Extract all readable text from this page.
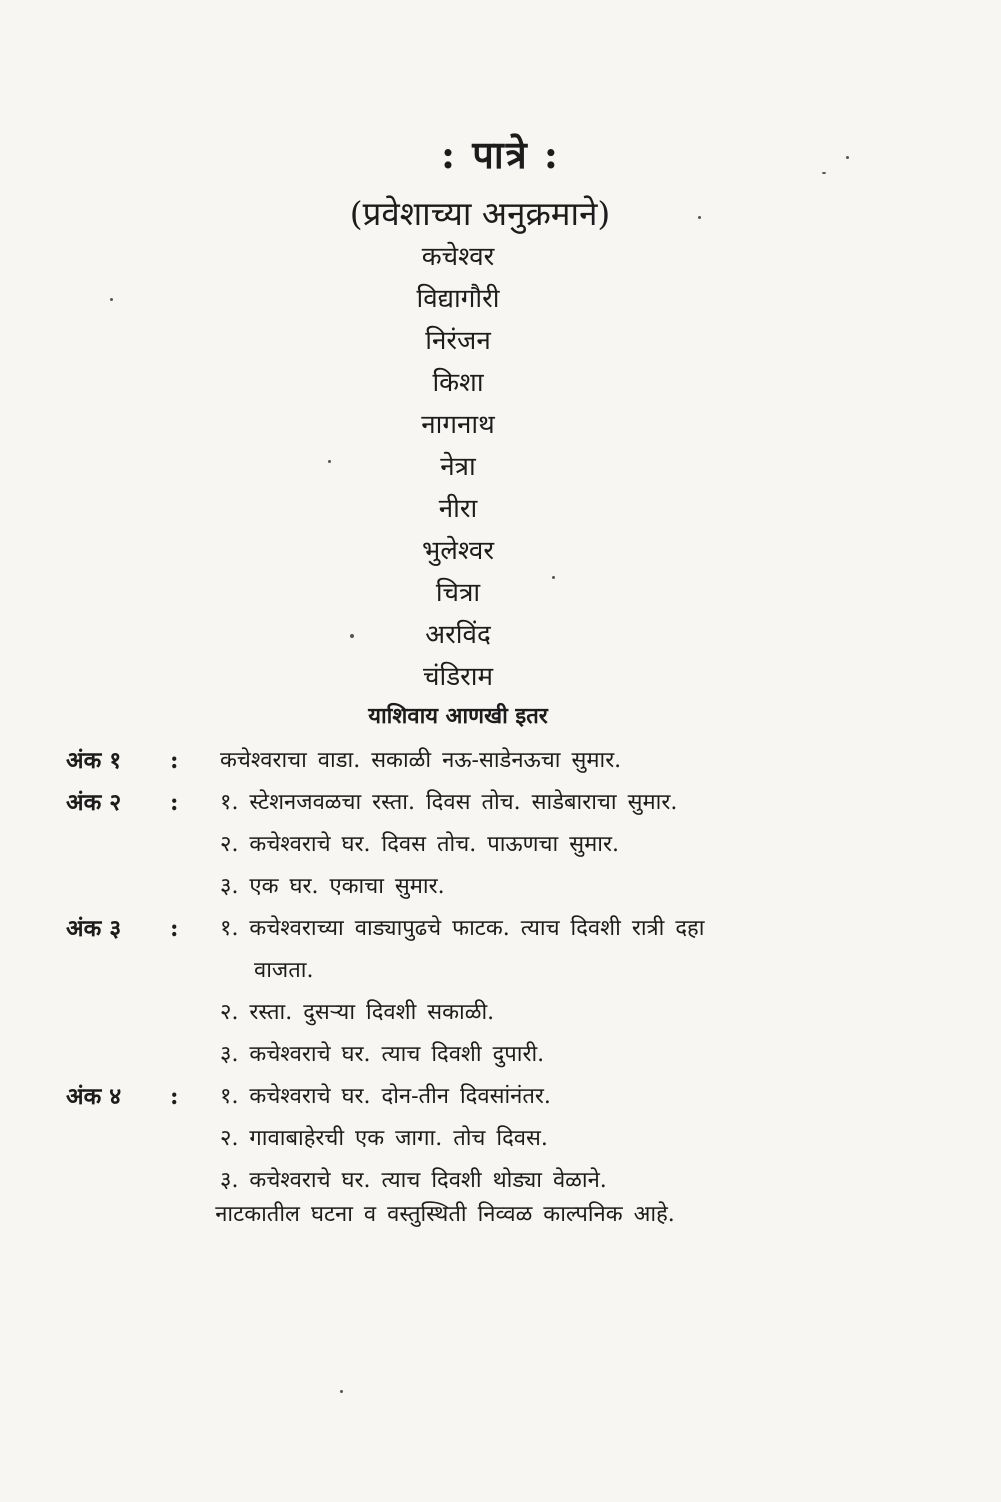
: पात्रे :
(प्रवेशाच्या अनुक्रमाने)
कचेश्वर
विद्यागौरी
निरंजन
किशा
नागनाथ
नेत्रा
नीरा
भुलेश्वर
चित्रा
अरविंद
चंडिराम
याशिवाय आणखी इतर
अंक १	: कचेश्वराचा वाडा. सकाळी नऊ-साडेनऊचा सुमार.
अंक २	: १. स्टेशनजवळचा रस्ता. दिवस तोच. साडेबाराचा सुमार.
२. कचेश्वराचे घर. दिवस तोच. पाऊणचा सुमार.
३. एक घर. एकाचा सुमार.
अंक ३	: १. कचेश्वराच्या वाड्यापुढचे फाटक. त्याच दिवशी रात्री दहा
वाजता.
२. रस्ता. दुसऱ्या दिवशी सकाळी.
३. कचेश्वराचे घर. त्याच दिवशी दुपारी.
अंक ४	: १. कचेश्वराचे घर. दोन-तीन दिवसांनंतर.
२. गावाबाहेरची एक जागा. तोच दिवस.
३. कचेश्वराचे घर. त्याच दिवशी थोड्या वेळाने.
नाटकातील घटना व वस्तुस्थिती निव्वळ काल्पनिक आहे.
